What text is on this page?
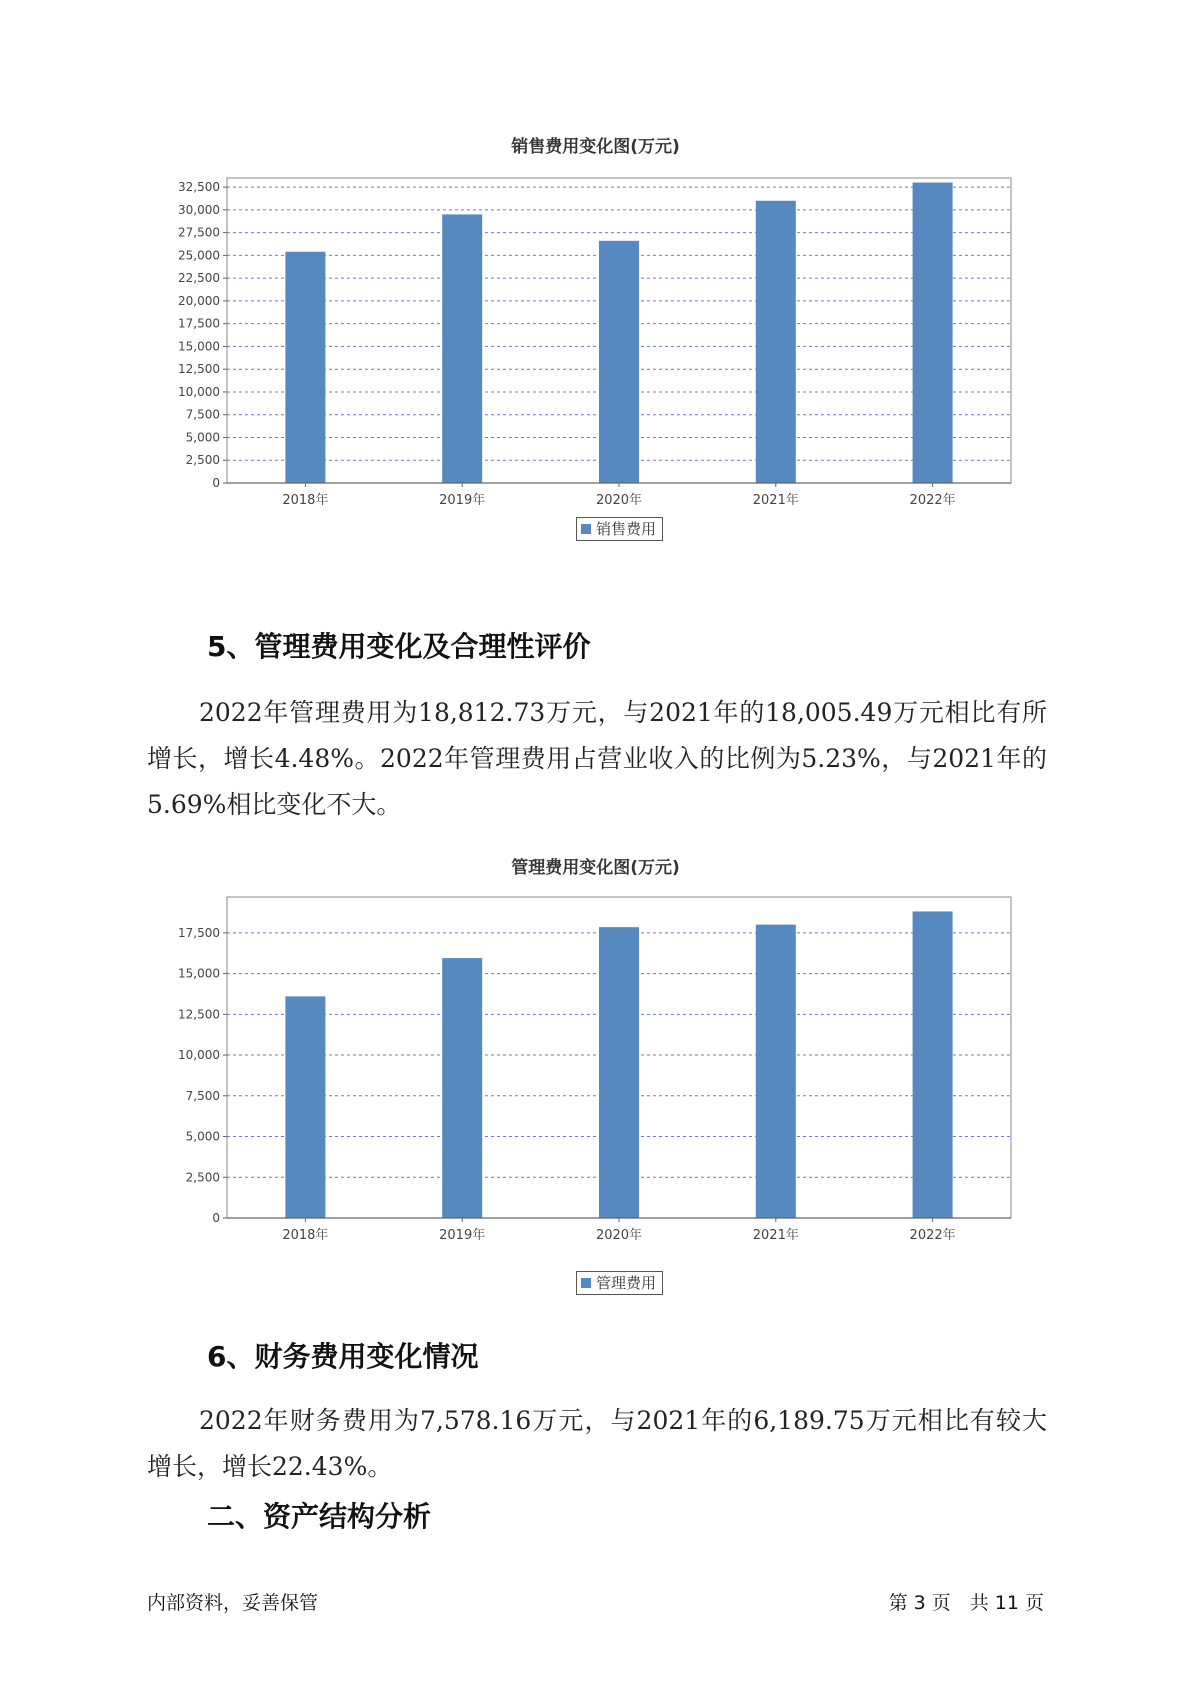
销售费用变化图(万元)
0
2,500
5,000
7,500
10,000
12,500
15,000
17,500
20,000
22,500
25,000
27,500
30,000
32,500
2018年	2019年	2020年	2021年	2022年
销售费用
5、管理费用变化及合理性评价

2022年管理费用为18,812.73万元，与2021年的18,005.49万元相比有所增长，增长4.48%。2022年管理费用占营业收入的比例为5.23%，与2021年的5.69%相比变化不大。

管理费用变化图(万元)
0
2,500
5,000
7,500
10,000
12,500
15,000
17,500
2018年	2019年	2020年	2021年	2022年
管理费用
6、财务费用变化情况

2022年财务费用为7,578.16万元，与2021年的6,189.75万元相比有较大增长，增长22.43%。

二、资产结构分析
内部资料，妥善保管	第 3 页　共 11 页
